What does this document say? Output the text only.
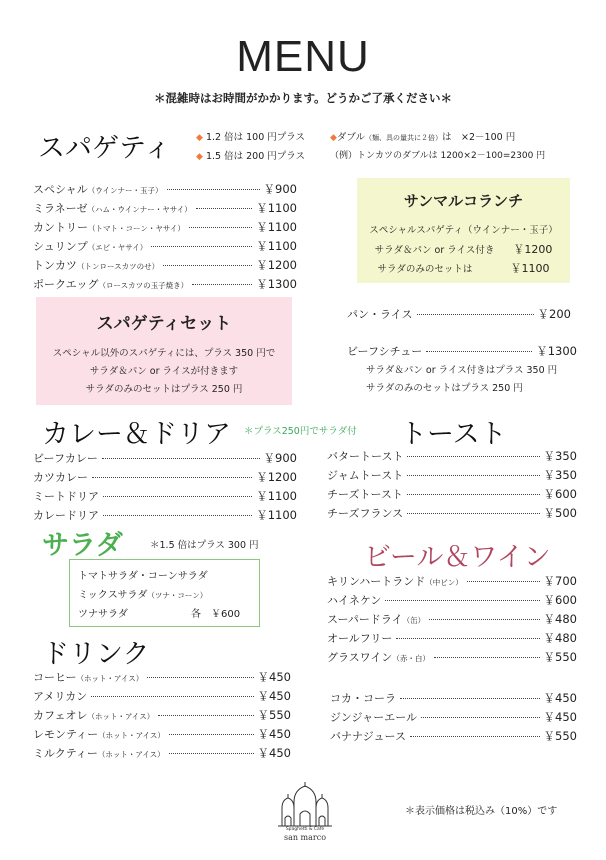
MENU
＊混雑時はお時間がかかります。どうかご了承ください＊
スパゲティ	◆ 1.2 倍は 100 円プラス
◆ 1.5 倍は 200 円プラス
◆ダブル（麺、具の量共に２倍）は　×2－100 円
（例）トンカツのダブルは 1200×2－100=2300 円
スペシャル （ウインナー・玉子）	￥900
ミラネーゼ （ハム・ウインナー・ヤサイ）	￥1100
カントリー （トマト・コーン・ヤサイ）	￥1100
シュリンプ （エビ・ヤサイ）	￥1100
トンカツ （トンロースカツのせ）	￥1200
ポークエッグ （ロースカツの玉子焼き）	￥1300
サンマルコランチ
スペシャルスパゲティ（ウインナー・玉子）
サラダ＆パン or ライス付き　　 ￥1200
サラダのみのセットは　　　　	￥1100
スパゲティセット
スペシャル以外のスパゲティには、プラス 350 円で
サラダ＆パン or ライスが付きます
サラダのみのセットはプラス 250 円
パン・ライス	￥200
ビーフシチュー	￥1300
サラダ＆パン or ライス付きはプラス 350 円
サラダのみのセットはプラス 250 円
カレー＆ドリア ＊プラス250円でサラダ付
ビーフカレー	￥900
カツカレー	￥1200
ミートドリア	￥1100
カレードリア	￥1100
トースト
バタートースト	￥350
ジャムトースト	￥350
チーズトースト	￥600
チーズフランス	￥500
サラダ	＊1.5 倍はプラス 300 円
トマトサラダ・コーンサラダ
ミックスサラダ（ツナ・コーン）
ツナサラダ	各　￥600
ビール＆ワイン
キリンハートランド （中ビン）	￥700
ハイネケン	￥600
スーパードライ （缶）	￥480
オールフリー	￥480
グラスワイン （赤・白）	￥550
ドリンク
コーヒー （ホット・アイス）	￥450
アメリカン	￥450
カフェオレ （ホット・アイス）	￥550
レモンティー （ホット・アイス）	￥450
ミルクティー （ホット・アイス）	￥450
コカ・コーラ	￥450
ジンジャーエール	￥450
バナナジュース	￥550
Spaghetti & Café
san marco
＊表示価格は税込み（10%）です
